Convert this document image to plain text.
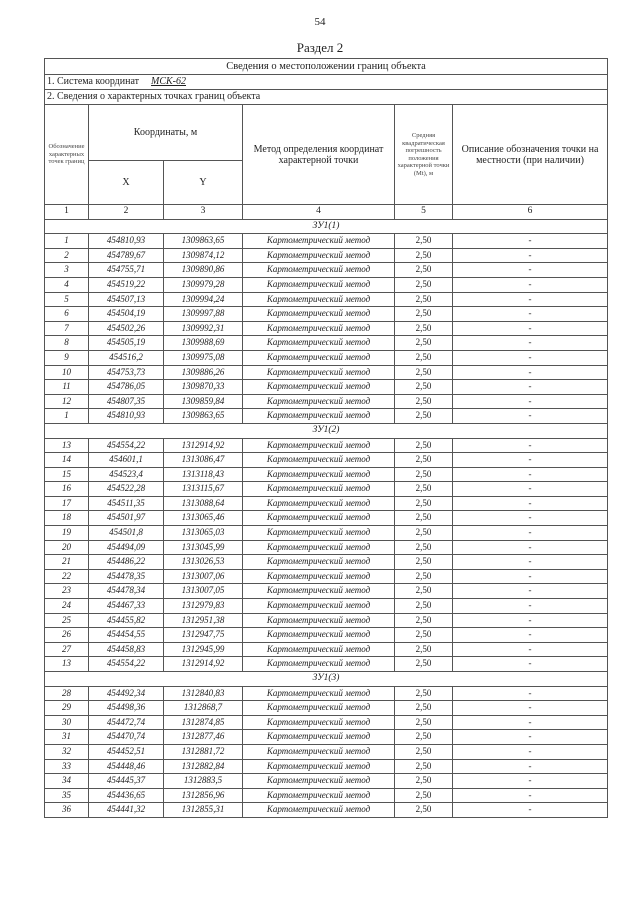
54
Раздел 2
Сведения о местоположении границ объекта					
1. Система координат МСК-62					
2. Сведения о характерных точках границ объекта					
Обозначение характерных точек границ	Координаты, м		Метод определения координат характерной точки	Средняя квадратическая погрешность положения характерной точки (Mt), м	Описание обозначения точки на местности (при наличии)
	X	Y			
1	2	3	4	5	6
ЗУ1(1)					
1	454810,93	1309863,65	Картометрический метод	2,50	-
2	454789,67	1309874,12	Картометрический метод	2,50	-
3	454755,71	1309890,86	Картометрический метод	2,50	-
4	454519,22	1309979,28	Картометрический метод	2,50	-
5	454507,13	1309994,24	Картометрический метод	2,50	-
6	454504,19	1309997,88	Картометрический метод	2,50	-
7	454502,26	1309992,31	Картометрический метод	2,50	-
8	454505,19	1309988,69	Картометрический метод	2,50	-
9	454516,2	1309975,08	Картометрический метод	2,50	-
10	454753,73	1309886,26	Картометрический метод	2,50	-
11	454786,05	1309870,33	Картометрический метод	2,50	-
12	454807,35	1309859,84	Картометрический метод	2,50	-
1	454810,93	1309863,65	Картометрический метод	2,50	-
ЗУ1(2)					
13	454554,22	1312914,92	Картометрический метод	2,50	-
14	454601,1	1313086,47	Картометрический метод	2,50	-
15	454523,4	1313118,43	Картометрический метод	2,50	-
16	454522,28	1313115,67	Картометрический метод	2,50	-
17	454511,35	1313088,64	Картометрический метод	2,50	-
18	454501,97	1313065,46	Картометрический метод	2,50	-
19	454501,8	1313065,03	Картометрический метод	2,50	-
20	454494,09	1313045,99	Картометрический метод	2,50	-
21	454486,22	1313026,53	Картометрический метод	2,50	-
22	454478,35	1313007,06	Картометрический метод	2,50	-
23	454478,34	1313007,05	Картометрический метод	2,50	-
24	454467,33	1312979,83	Картометрический метод	2,50	-
25	454455,82	1312951,38	Картометрический метод	2,50	-
26	454454,55	1312947,75	Картометрический метод	2,50	-
27	454458,83	1312945,99	Картометрический метод	2,50	-
13	454554,22	1312914,92	Картометрический метод	2,50	-
ЗУ1(3)					
28	454492,34	1312840,83	Картометрический метод	2,50	-
29	454498,36	1312868,7	Картометрический метод	2,50	-
30	454472,74	1312874,85	Картометрический метод	2,50	-
31	454470,74	1312877,46	Картометрический метод	2,50	-
32	454452,51	1312881,72	Картометрический метод	2,50	-
33	454448,46	1312882,84	Картометрический метод	2,50	-
34	454445,37	1312883,5	Картометрический метод	2,50	-
35	454436,65	1312856,96	Картометрический метод	2,50	-
36	454441,32	1312855,31	Картометрический метод	2,50	-
